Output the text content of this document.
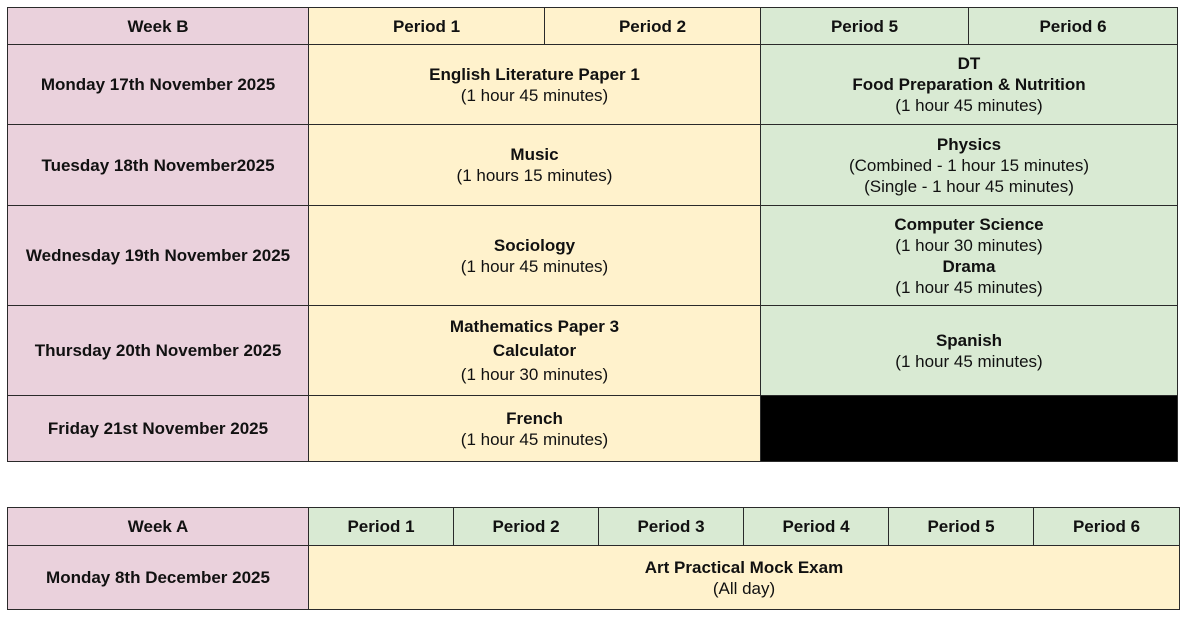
Week B	Period 1	Period 2	Period 5	Period 6
Monday 17th November 2025	English Literature Paper 1
(1 hour 45 minutes)		DT
Food Preparation & Nutrition
(1 hour 45 minutes)	

Tuesday 18th November2025	Music
(1 hours 15 minutes)		Physics
(Combined - 1 hour 15 minutes)
(Single - 1 hour 45 minutes)	

Wednesday 19th November 2025	Sociology
(1 hour 45 minutes)		Computer Science
(1 hour 30 minutes)
Drama
(1 hour 45 minutes)	

Thursday 20th November 2025	Mathematics Paper 3
Calculator
(1 hour 30 minutes)		Spanish
(1 hour 45 minutes)	

Friday 21st November 2025	French
(1 hour 45 minutes)			

Week A	Period 1	Period 2	Period 3	Period 4	Period 5	Period 6
Monday 8th December 2025	Art Practical Mock Exam
(All day)					
